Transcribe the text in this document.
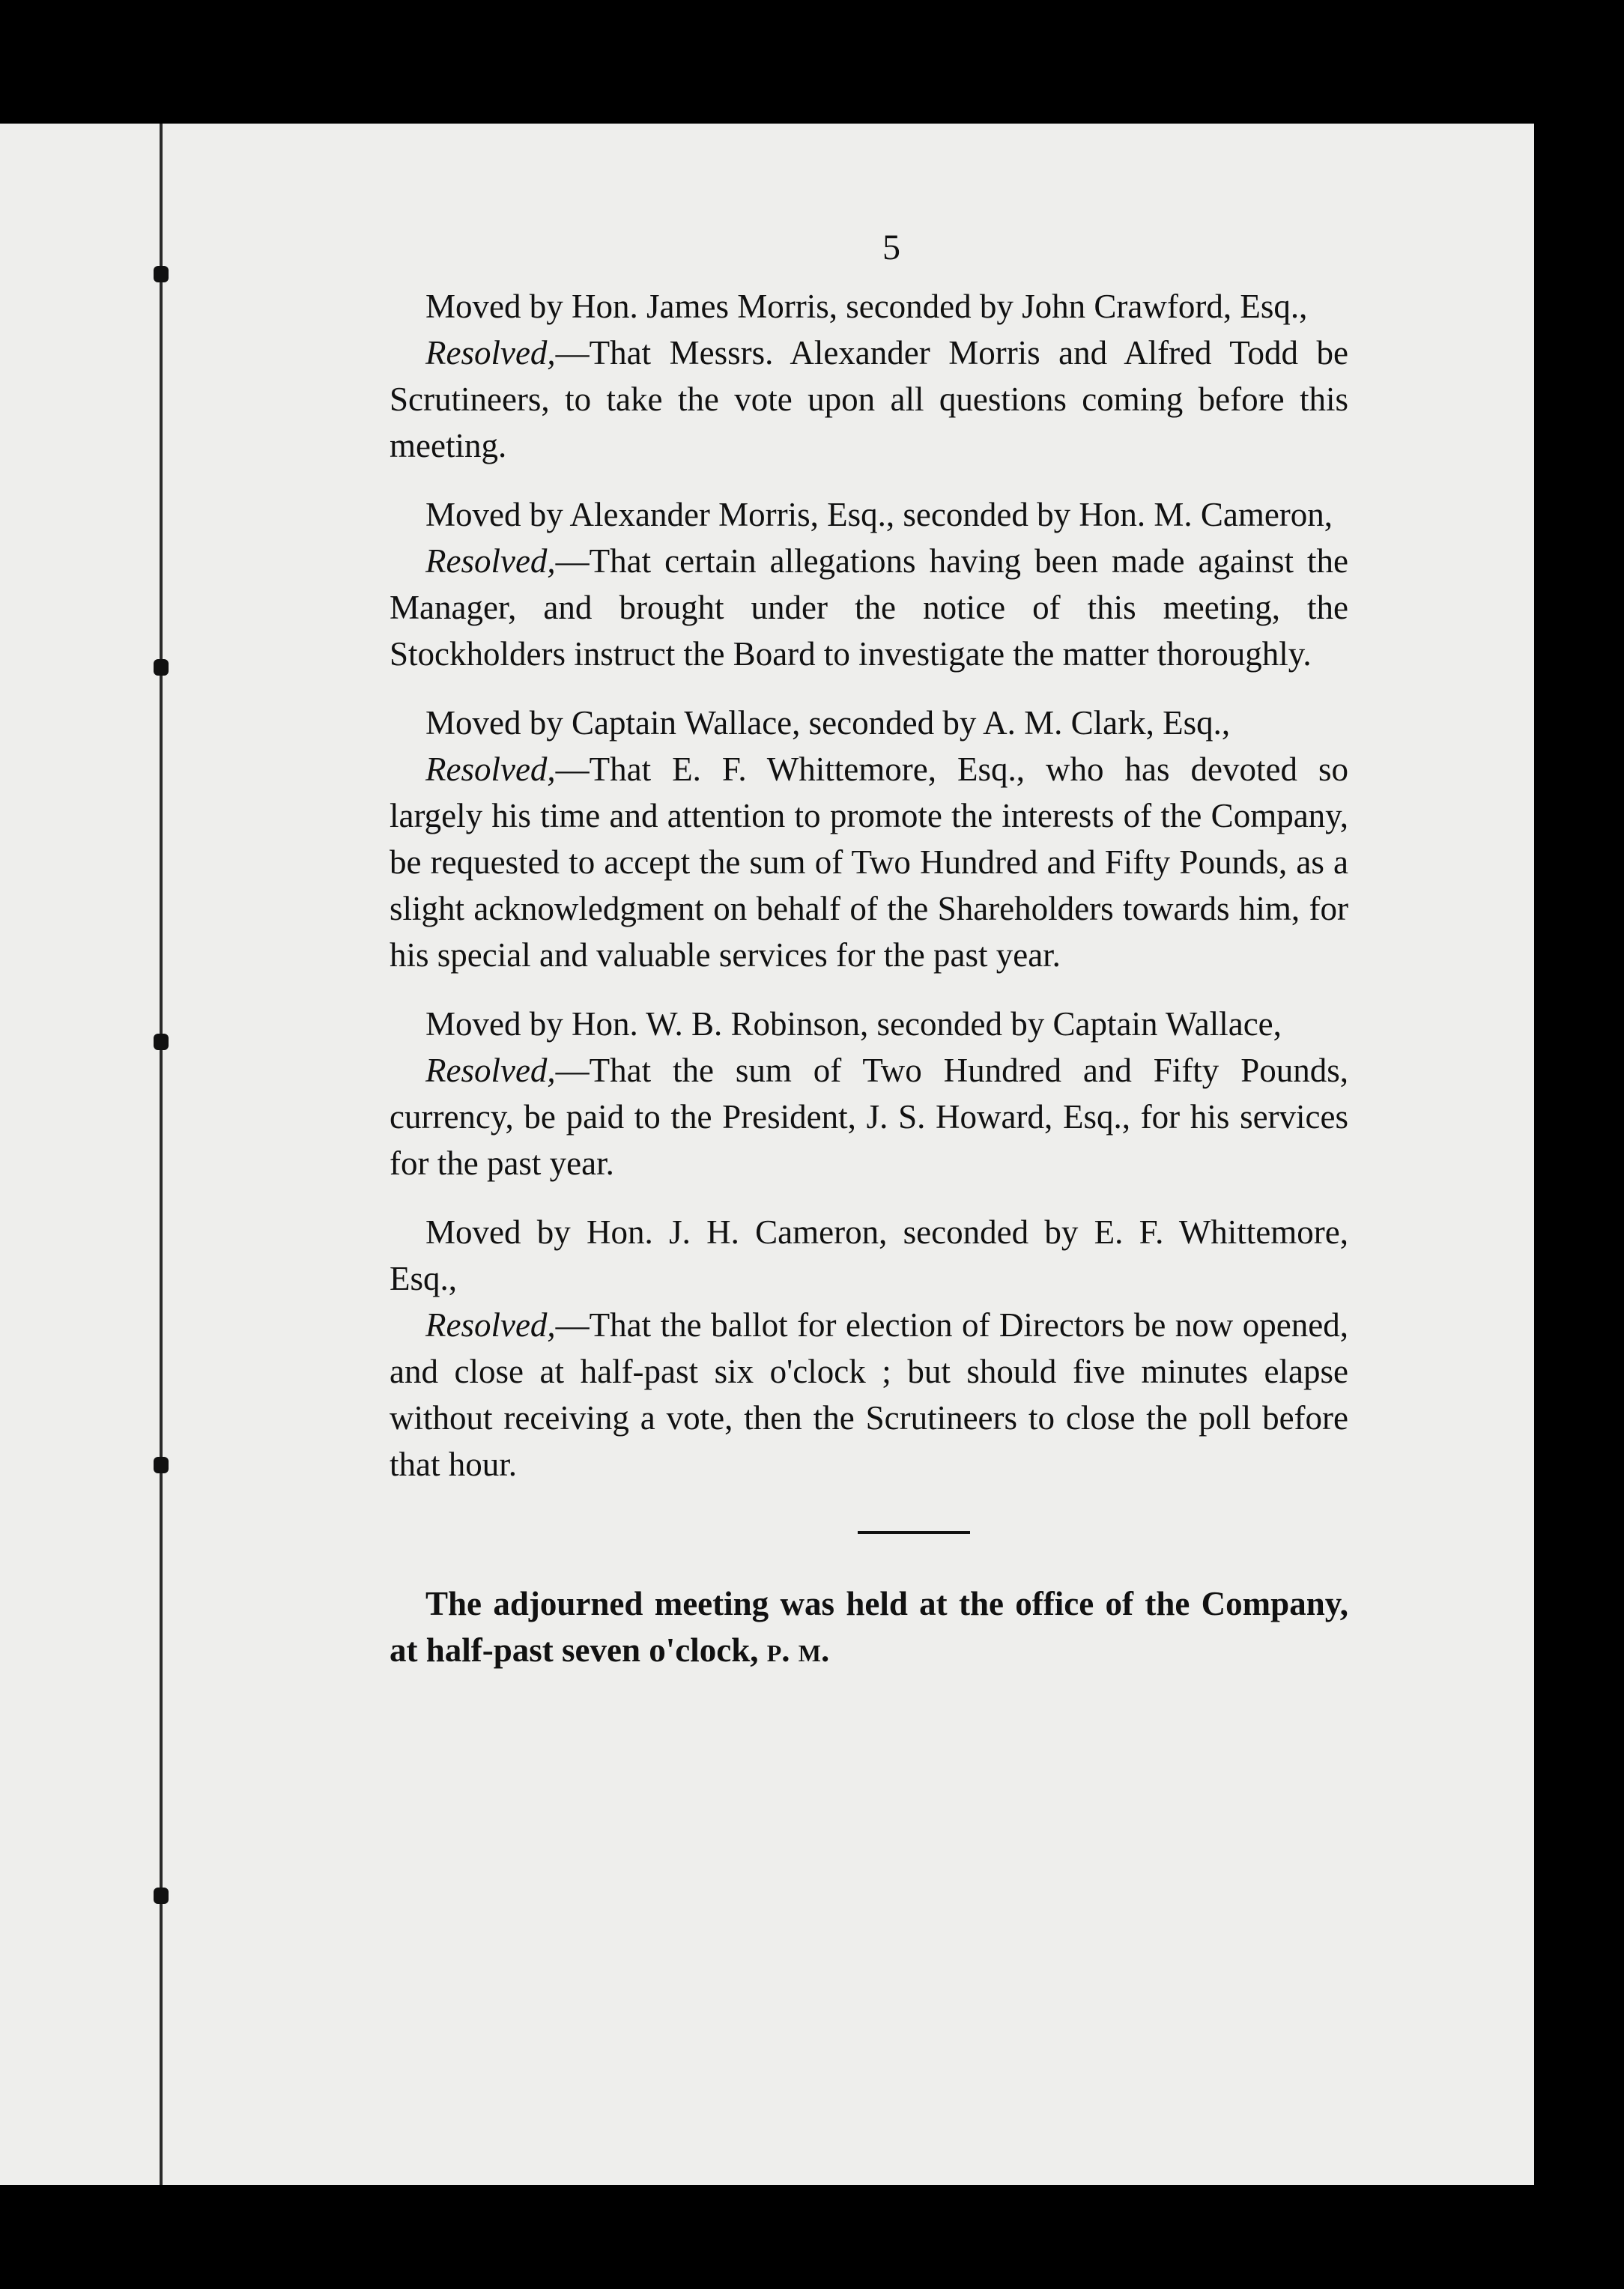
5

Moved by Hon. James Morris, seconded by John Crawford, Esq.,

Resolved,—That Messrs. Alexander Morris and Alfred Todd be Scrutineers, to take the vote upon all questions coming before this meeting.

Moved by Alexander Morris, Esq., seconded by Hon. M. Cameron,

Resolved,—That certain allegations having been made against the Manager, and brought under the notice of this meeting, the Stockholders instruct the Board to investigate the matter thoroughly.

Moved by Captain Wallace, seconded by A. M. Clark, Esq.,

Resolved,—That E. F. Whittemore, Esq., who has devoted so largely his time and attention to promote the interests of the Company, be requested to accept the sum of Two Hundred and Fifty Pounds, as a slight acknowledgment on behalf of the Shareholders towards him, for his special and valuable services for the past year.

Moved by Hon. W. B. Robinson, seconded by Captain Wallace,

Resolved,—That the sum of Two Hundred and Fifty Pounds, currency, be paid to the President, J. S. Howard, Esq., for his services for the past year.

Moved by Hon. J. H. Cameron, seconded by E. F. Whittemore, Esq.,

Resolved,—That the ballot for election of Directors be now opened, and close at half-past six o'clock ; but should five minutes elapse without receiving a vote, then the Scrutineers to close the poll before that hour.

The adjourned meeting was held at the office of the Company, at half-past seven o'clock, p. m.
